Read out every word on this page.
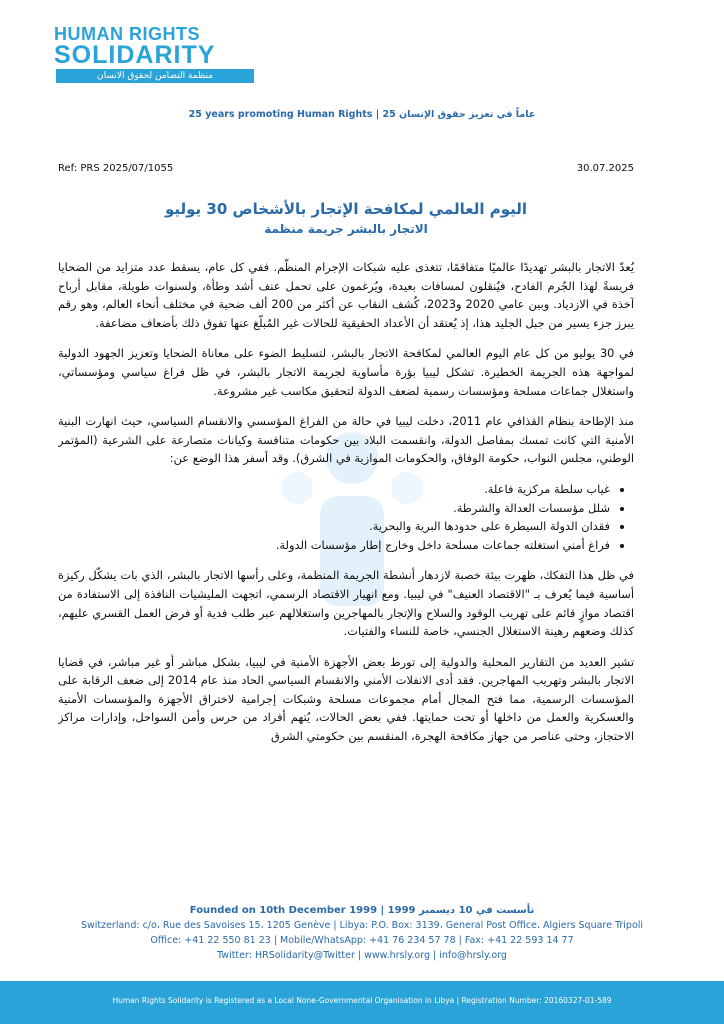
HUMAN RIGHTS
SOLIDARITY
منظمة التضامن لحقوق الانسان
25 years promoting Human Rights | 25 عاماً في تعزيز حقوق الإنسان
Ref: PRS 2025/07/1055	30.07.2025
اليوم العالمي لمكافحة الإتجار بالأشخاص 30 يوليو
الاتجار بالبشر جريمة منظمة

يُعدّ الاتجار بالبشر تهديدًا عالميًا متفاقمًا، تتغذى عليه شبكات الإجرام المنظّم. ففي كل عام، يسقط عدد متزايد من الضحايا فريسةً لهذا الجُرم الفادح، فيُنقلون لمسافات بعيدة، ويُرغمون على تحمل عنف أشد وطأة، ولسنوات طويلة، مقابل أرباح آخذة في الازدياد. وبين عامي 2020 و2023، كُشف النقاب عن أكثر من 200 ألف ضحية في مختلف أنحاء العالم، وهو رقم يبرز جزء يسير من جبل الجليد هذا، إذ يُعتقد أن الأعداد الحقيقية للحالات غير المُبلّغ عنها تفوق ذلك بأضعاف مضاعفة.

في 30 يوليو من كل عام اليوم العالمي لمكافحة الاتجار بالبشر، لتسليط الضوء على معاناة الضحايا وتعزيز الجهود الدولية لمواجهة هذه الجريمة الخطيرة. تشكل ليبيا بؤرة مأساوية لجريمة الاتجار بالبشر، في ظل فراغ سياسي ومؤسساتي، واستغلال جماعات مسلحة ومؤسسات رسمية لضعف الدولة لتحقيق مكاسب غير مشروعة.

منذ الإطاحة بنظام القذافي عام 2011، دخلت ليبيا في حالة من الفراغ المؤسسي والانقسام السياسي، حيث انهارت البنية الأمنية التي كانت تمسك بمفاصل الدولة، وانقسمت البلاد بين حكومات متنافسة وكيانات متصارعة على الشرعية (المؤتمر الوطني، مجلس النواب، حكومة الوفاق، والحكومات الموازية في الشرق). وقد أسفر هذا الوضع عن:

• غياب سلطة مركزية فاعلة.
• شلل مؤسسات العدالة والشرطة.
• فقدان الدولة السيطرة على حدودها البرية والبحرية.
• فراغ أمني استغلته جماعات مسلحة داخل وخارج إطار مؤسسات الدولة.

في ظل هذا التفكك، ظهرت بيئة خصبة لازدهار أنشطة الجريمة المنظمة، وعلى رأسها الاتجار بالبشر، الذي بات يشكّل ركيزة أساسية فيما يُعرف بـ "الاقتصاد العنيف" في ليبيا. ومع انهيار الاقتصاد الرسمي، اتجهت المليشيات النافذة إلى الاستفادة من اقتصاد موازٍ قائم على تهريب الوقود والسلاح والإتجار بالمهاجرين واستغلالهم عبر طلب فدية أو فرض العمل القسري عليهم، كذلك وضعهم رهينة الاستغلال الجنسي، خاصة للنساء والفتيات.

تشير العديد من التقارير المحلية والدولية إلى تورط بعض الأجهزة الأمنية في ليبيا، بشكل مباشر أو غير مباشر، في قضايا الاتجار بالبشر وتهريب المهاجرين. فقد أدى الانفلات الأمني والانقسام السياسي الحاد منذ عام 2014 إلى ضعف الرقابة على المؤسسات الرسمية، مما فتح المجال أمام مجموعات مسلحة وشبكات إجرامية لاختراق الأجهزة والمؤسسات الأمنية والعسكرية والعمل من داخلها أو تحت حمايتها. ففي بعض الحالات، يُتهم أفراد من حرس وأمن السواحل، وإدارات مراكز الاحتجاز، وحتى عناصر من جهاز مكافحة الهجرة، المنقسم بين حكومتي الشرق

Founded on 10th December 1999 | تأسست في 10 ديسمبر 1999
Switzerland: c/o، Rue des Savoises 15، 1205 Genève | Libya: P.O. Box: 3139، General Post Office، Algiers Square Tripoli
Office: +41 22 550 81 23 | Mobile/WhatsApp: +41 76 234 57 78 | Fax: +41 22 593 14 77
Twitter: HRSolidarity@Twitter | www.hrsly.org | info@hrsly.org
Human Rights Solidarity is Registered as a Local None-Governmental Organisation in Libya | Registration Number: 20160327-01-589
